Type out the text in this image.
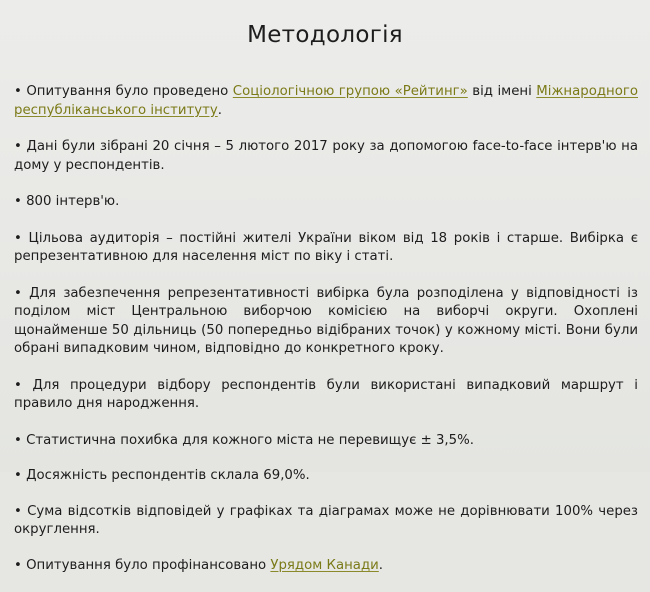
Методологія
• Опитування було проведено Соціологічною групою «Рейтинг» від імені Міжнародного республіканського інституту.
• Дані були зібрані 20 січня – 5 лютого 2017 року за допомогою face-to-face інтерв'ю на дому у респондентів.
• 800 інтерв'ю.
• Цільова аудиторія – постійні жителі України віком від 18 років і старше. Вибірка є репрезентативною для населення міст по віку і статі.
• Для забезпечення репрезентативності вибірка була розподілена у відповідності із поділом міст Центральною виборчою комісією на виборчі округи. Охоплені щонайменше 50 дільниць (50 попередньо відібраних точок) у кожному місті. Вони були обрані випадковим чином, відповідно до конкретного кроку.
• Для процедури відбору респондентів були використані випадковий маршрут і правило дня народження.
• Статистична похибка для кожного міста не перевищує ± 3,5%.
• Досяжність респондентів склала 69,0%.
• Сума відсотків відповідей у графіках та діаграмах може не дорівнювати 100% через округлення.
• Опитування було профінансовано Урядом Канади.
